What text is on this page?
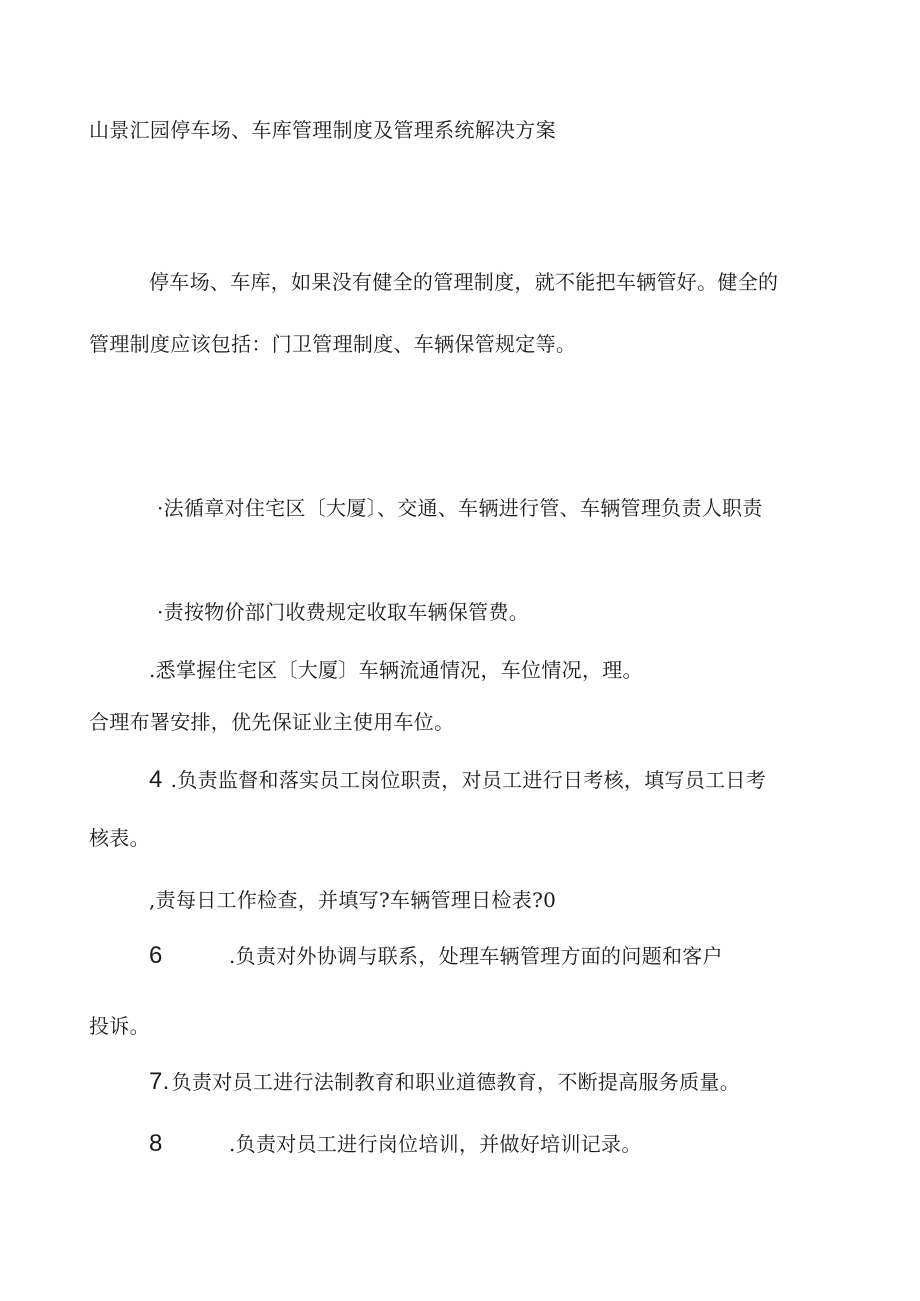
山景汇园停车场、车库管理制度及管理系统解决方案
停车场、车库，如果没有健全的管理制度，就不能把车辆管好。健全的
管理制度应该包括：门卫管理制度、车辆保管规定等。
·法循章对住宅区〔大厦〕、交通、车辆进行管、车辆管理负责人职责
·责按物价部门收费规定收取车辆保管费。
.悉掌握住宅区〔大厦〕车辆流通情况，车位情况，理。
合理布署安排，优先保证业主使用车位。
4 .负责监督和落实员工岗位职责，对员工进行日考核，填写员工日考
核表。
,责每日工作检查，并填写?车辆管理日检表?0
6	.负责对外协调与联系，处理车辆管理方面的问题和客户
投诉。
7. 负责对员工进行法制教育和职业道德教育，不断提高服务质量。
8	.负责对员工进行岗位培训，并做好培训记录。
